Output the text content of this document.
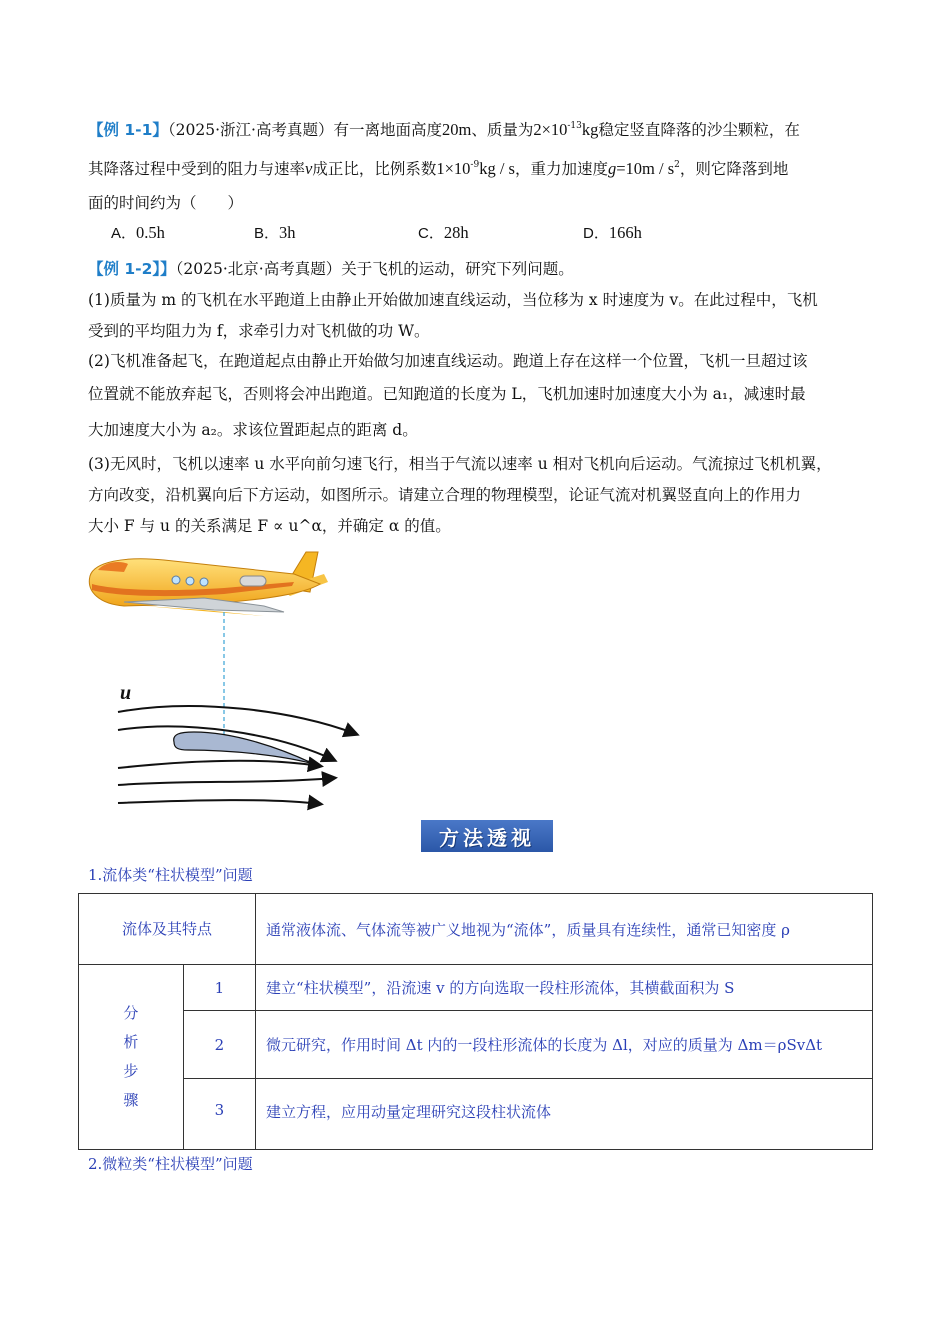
【例 1-1】（2025·浙江·高考真题）有一离地面高度20m、质量为$2\times 10^{-13}kg$稳定竖直降落的沙尘颗粒，在
其降落过程中受到的阻力与速率v成正比，比例系数$1\times 10^{-9}kg / s$，重力加速度$g=10m / s^2$，则它降落到地
面的时间约为（　　）
A．0.5h	B．3h	C．28h	D．166h
【例 1-2】】（2025·北京·高考真题）关于飞机的运动，研究下列问题。
(1)质量为 m 的飞机在水平跑道上由静止开始做加速直线运动，当位移为 x 时速度为 v。在此过程中，飞机
受到的平均阻力为 f，求牵引力对飞机做的功 W。
(2)飞机准备起飞，在跑道起点由静止开始做匀加速直线运动。跑道上存在这样一个位置，飞机一旦超过该
位置就不能放弃起飞，否则将会冲出跑道。已知跑道的长度为 L，飞机加速时加速度大小为 a₁，减速时最
大加速度大小为 a₂。求该位置距起点的距离 d。
(3)无风时，飞机以速率 u 水平向前匀速飞行，相当于气流以速率 u 相对飞机向后运动。气流掠过飞机机翼，
方向改变，沿机翼向后下方运动，如图所示。请建立合理的物理模型，论证气流对机翼竖直向上的作用力
大小 F 与 u 的关系满足 F ∝ u^α，并确定 α 的值。
u
方法透视
1.流体类“柱状模型”问题
流体及其特点		通常液体流、气体流等被广义地视为“流体”，质量具有连续性，通常已知密度 ρ

分析步骤	1	建立“柱状模型”，沿流速 v 的方向选取一段柱形流体，其横截面积为 S
	2	微元研究，作用时间 Δt 内的一段柱形流体的长度为 Δl，对应的质量为 Δm＝ρSvΔt
	3	建立方程，应用动量定理研究这段柱状流体
2.微粒类“柱状模型”问题
